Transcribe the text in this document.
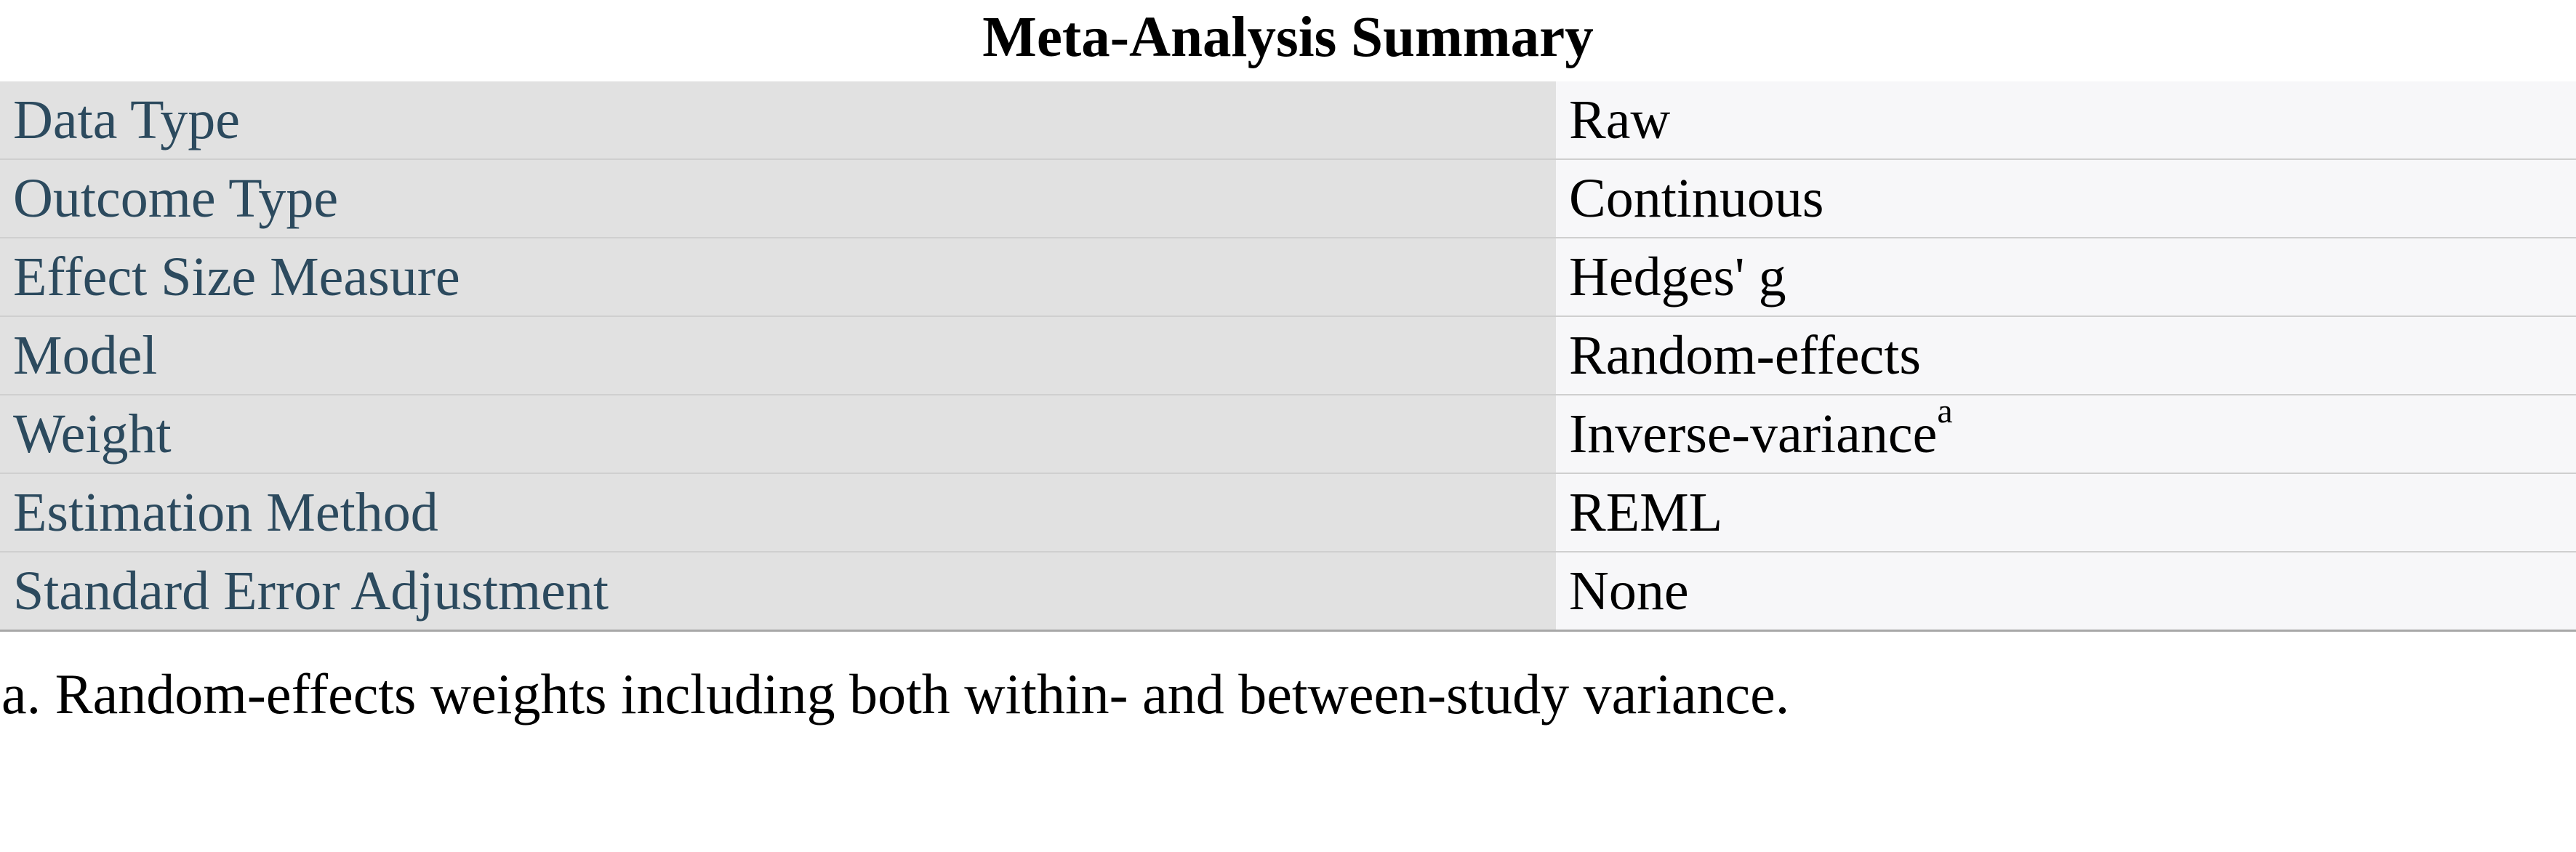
Meta-Analysis Summary
Data Type	Raw
Outcome Type	Continuous
Effect Size Measure	Hedges' g
Model	Random-effects
Weight	Inverse-variance$^a$
Estimation Method	REML
Standard Error Adjustment	None
a. Random-effects weights including both within- and between-study variance.
